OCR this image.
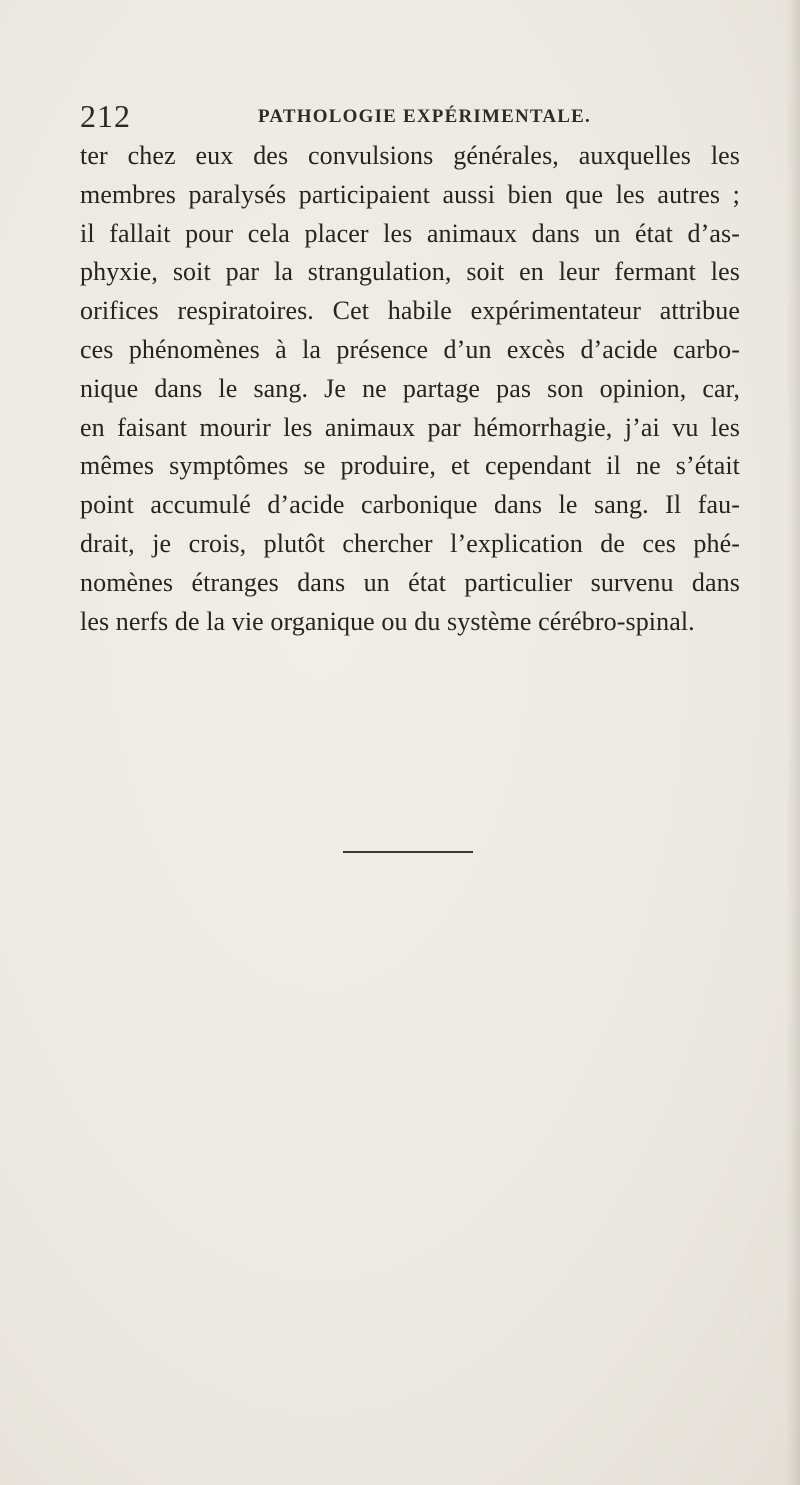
212	PATHOLOGIE EXPÉRIMENTALE.
ter chez eux des convulsions générales, auxquelles les
membres paralysés participaient aussi bien que les autres ;
il fallait pour cela placer les animaux dans un état d’as-
phyxie, soit par la strangulation, soit en leur fermant les
orifices respiratoires. Cet habile expérimentateur attribue
ces phénomènes à la présence d’un excès d’acide carbo-
nique dans le sang. Je ne partage pas son opinion, car,
en faisant mourir les animaux par hémorrhagie, j’ai vu les
mêmes symptômes se produire, et cependant il ne s’était
point accumulé d’acide carbonique dans le sang. Il fau-
drait, je crois, plutôt chercher l’explication de ces phé-
nomènes étranges dans un état particulier survenu dans
les nerfs de la vie organique ou du système cérébro-spinal.
